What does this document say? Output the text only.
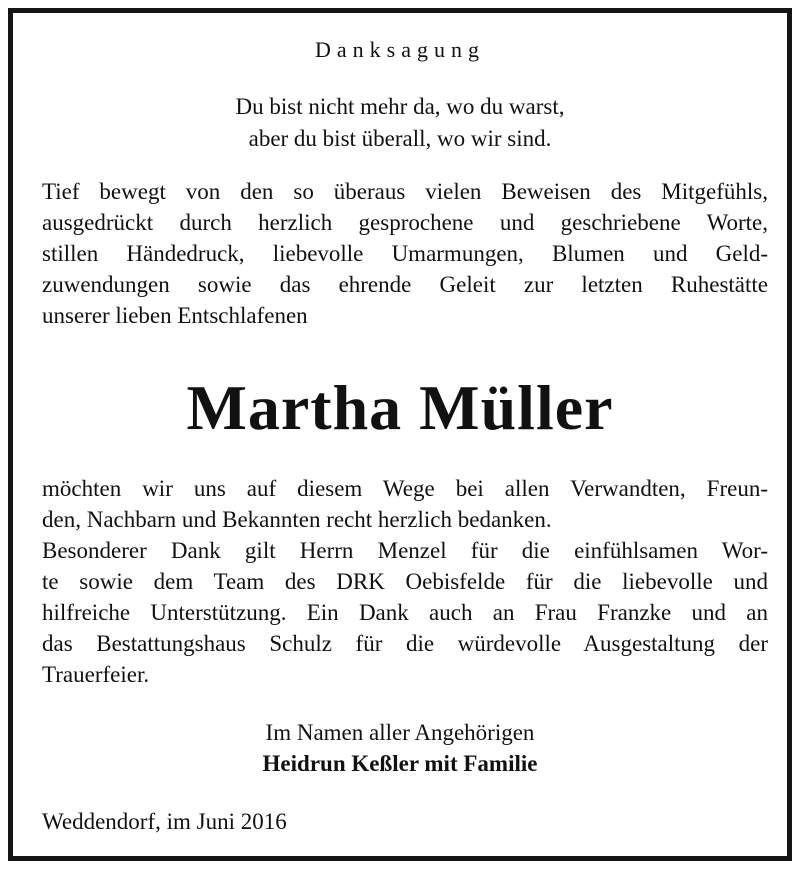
Danksagung
Du bist nicht mehr da, wo du warst,
aber du bist überall, wo wir sind.
Tief bewegt von den so überaus vielen Beweisen des Mitgefühls,
ausgedrückt durch herzlich gesprochene und geschriebene Worte,
stillen Händedruck, liebevolle Umarmungen, Blumen und Geld-
zuwendungen sowie das ehrende Geleit zur letzten Ruhestätte
unserer lieben Entschlafenen
Martha Müller
möchten wir uns auf diesem Wege bei allen Verwandten, Freun-
den, Nachbarn und Bekannten recht herzlich bedanken.
Besonderer Dank gilt Herrn Menzel für die einfühlsamen Wor-
te sowie dem Team des DRK Oebisfelde für die liebevolle und
hilfreiche Unterstützung. Ein Dank auch an Frau Franzke und an
das Bestattungshaus Schulz für die würdevolle Ausgestaltung der
Trauerfeier.
Im Namen aller Angehörigen
Heidrun Keßler mit Familie
Weddendorf, im Juni 2016
